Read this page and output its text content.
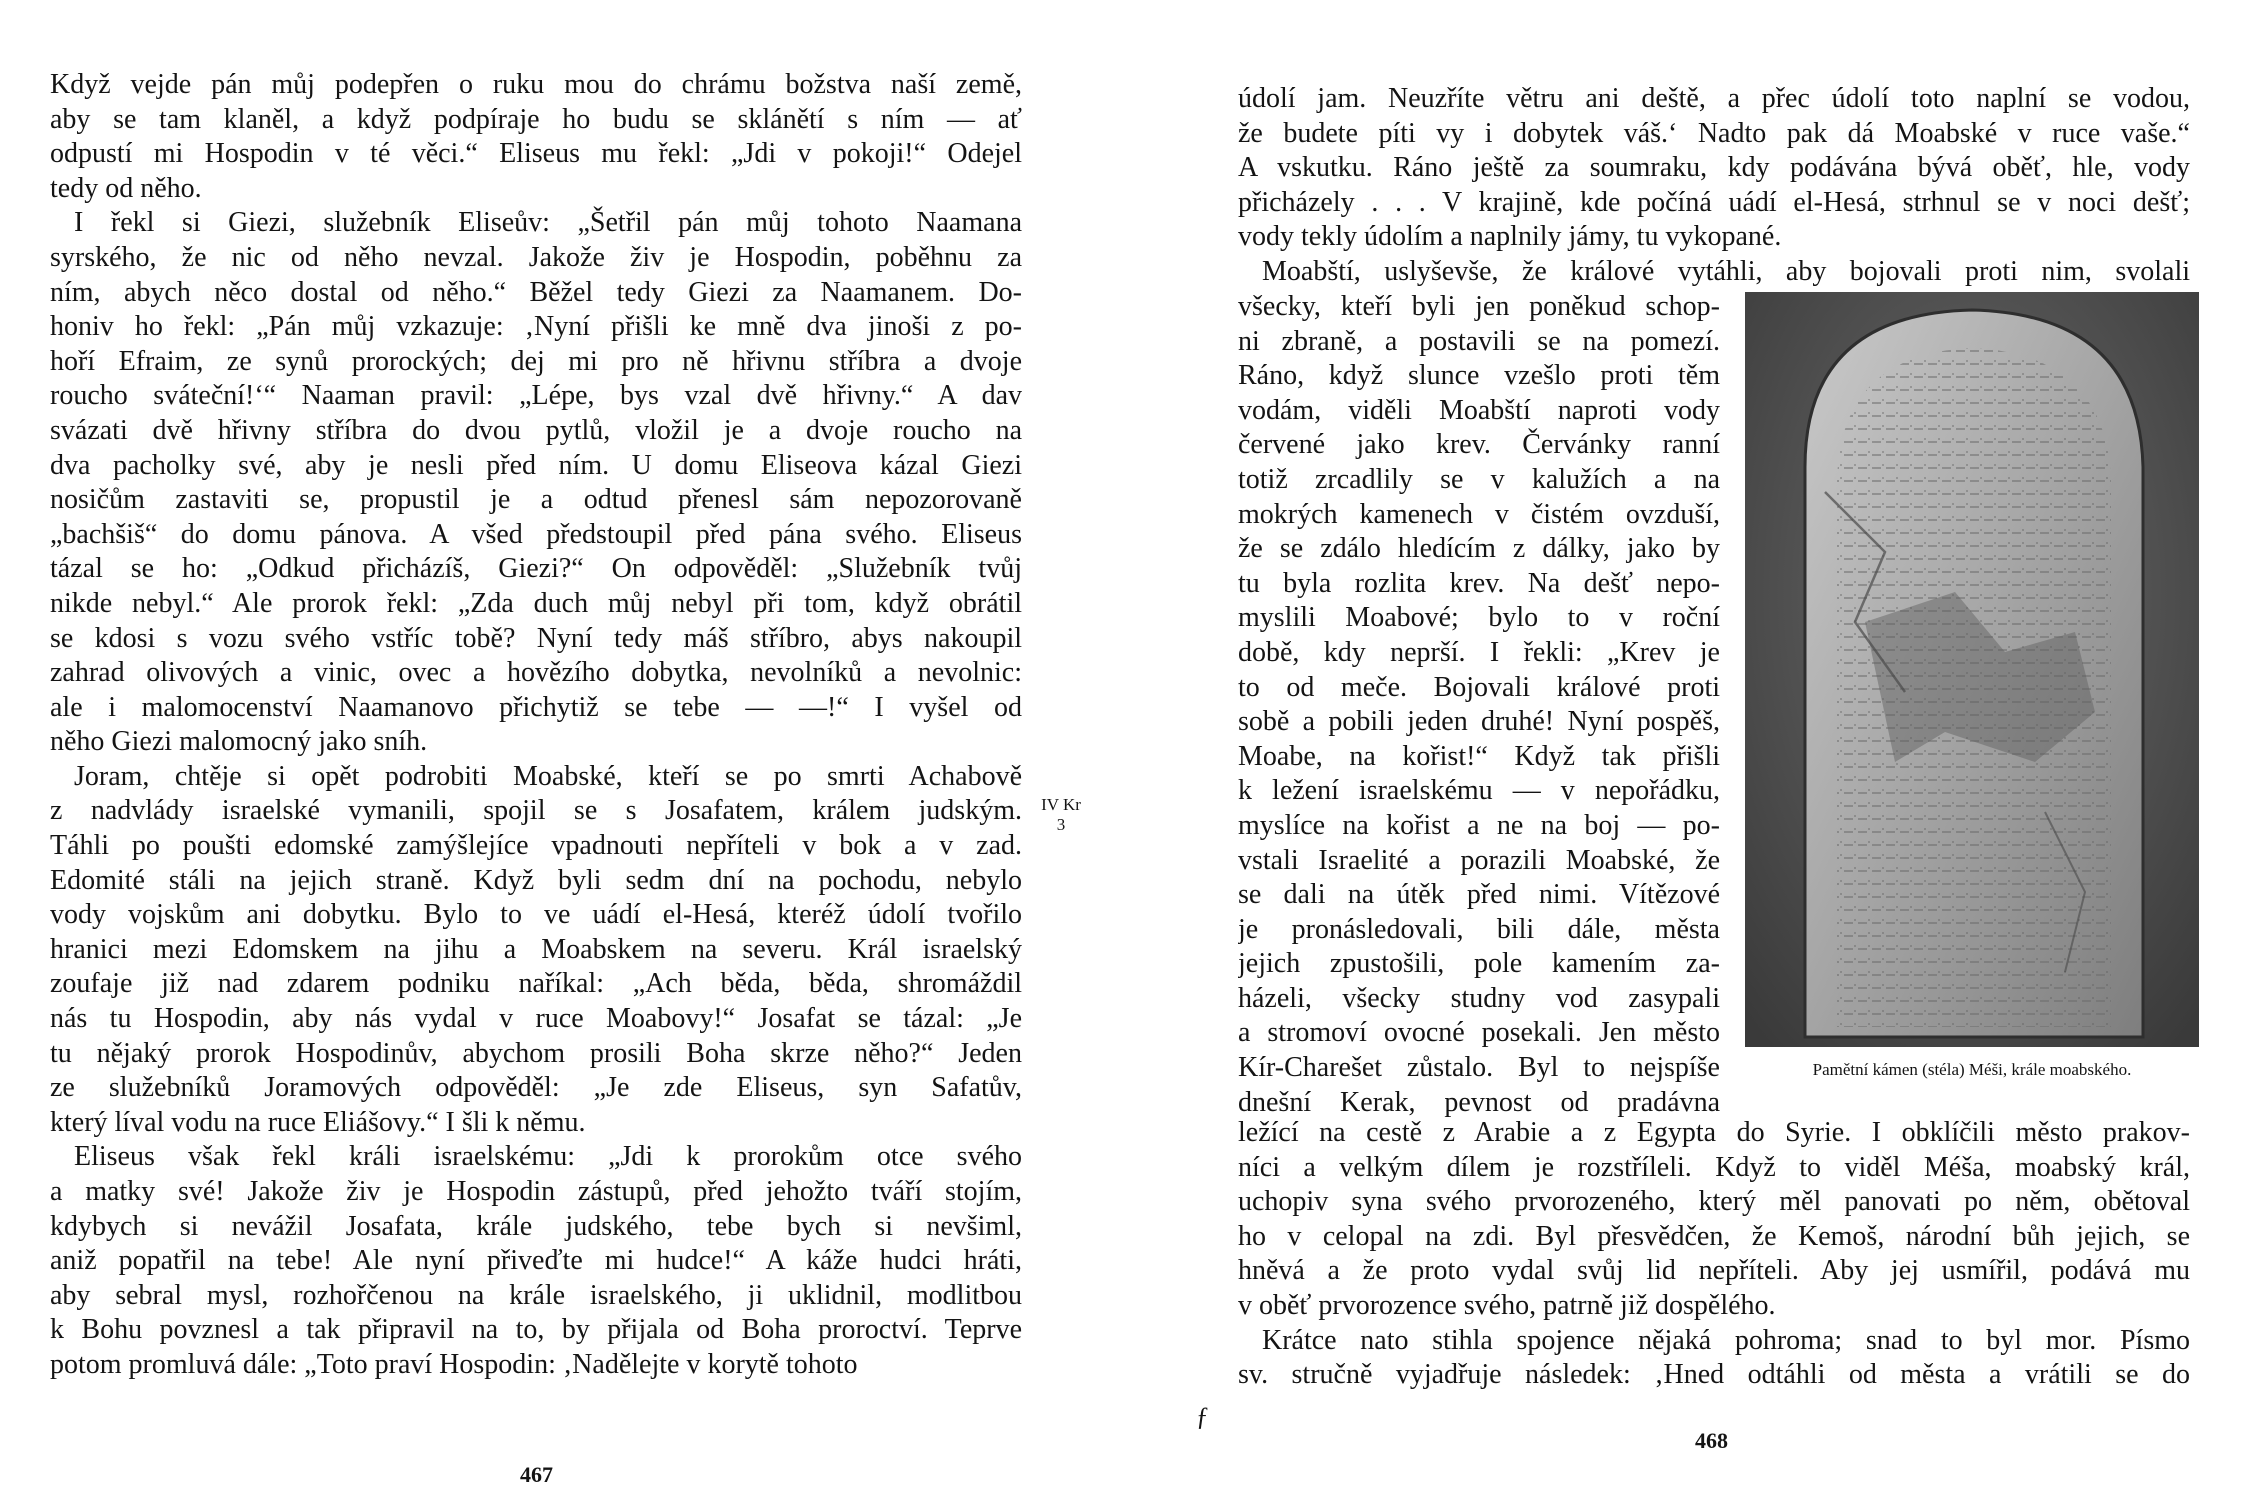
Když vejde pán můj podepřen o ruku mou do chrámu božstva naší země,
aby se tam klaněl, a když podpíraje ho budu se sklánětí s ním — ať
odpustí mi Hospodin v té věci.“ Eliseus mu řekl: „Jdi v pokoji!“ Odejel
tedy od něho.
I řekl si Giezi, služebník Eliseův: „Šetřil pán můj tohoto Naamana
syrského, že nic od něho nevzal. Jakože živ je Hospodin, poběhnu za
ním, abych něco dostal od něho.“ Běžel tedy Giezi za Naamanem. Do-
honiv ho řekl: „Pán můj vzkazuje: ‚Nyní přišli ke mně dva jinoši z po-
hoří Efraim, ze synů prorockých; dej mi pro ně hřivnu stříbra a dvoje
roucho sváteční!‘“ Naaman pravil: „Lépe, bys vzal dvě hřivny.“ A dav
svázati dvě hřivny stříbra do dvou pytlů, vložil je a dvoje roucho na
dva pacholky své, aby je nesli před ním. U domu Eliseova kázal Giezi
nosičům zastaviti se, propustil je a odtud přenesl sám nepozorovaně
„bachšiš“ do domu pánova. A všed předstoupil před pána svého. Eliseus
tázal se ho: „Odkud přicházíš, Giezi?“ On odpověděl: „Služebník tvůj
nikde nebyl.“ Ale prorok řekl: „Zda duch můj nebyl při tom, když obrátil
se kdosi s vozu svého vstříc tobě? Nyní tedy máš stříbro, abys nakoupil
zahrad olivových a vinic, ovec a hovězího dobytka, nevolníků a nevolnic:
ale i malomocenství Naamanovo přichytiž se tebe — —!“ I vyšel od
něho Giezi malomocný jako sníh.
Joram, chtěje si opět podrobiti Moabské, kteří se po smrti Achabově
z nadvlády israelské vymanili, spojil se s Josafatem, králem judským.
Táhli po poušti edomské zamýšlejíce vpadnouti nepříteli v bok a v zad.
Edomité stáli na jejich straně. Když byli sedm dní na pochodu, nebylo
vody vojskům ani dobytku. Bylo to ve uádí el-Hesá, kteréž údolí tvořilo
hranici mezi Edomskem na jihu a Moabskem na severu. Král israelský
zoufaje již nad zdarem podniku naříkal: „Ach běda, běda, shromáždil
nás tu Hospodin, aby nás vydal v ruce Moabovy!“ Josafat se tázal: „Je
tu nějaký prorok Hospodinův, abychom prosili Boha skrze něho?“ Jeden
ze služebníků Joramových odpověděl: „Je zde Eliseus, syn Safatův,
který líval vodu na ruce Eliášovy.“ I šli k němu.
Eliseus však řekl králi israelskému: „Jdi k prorokům otce svého
a matky své! Jakože živ je Hospodin zástupů, před jehožto tváří stojím,
kdybych si nevážil Josafata, krále judského, tebe bych si nevšiml,
aniž popatřil na tebe! Ale nyní přiveďte mi hudce!“ A káže hudci hráti,
aby sebral mysl, rozhořčenou na krále israelského, ji uklidnil, modlitbou
k Bohu povznesl a tak připravil na to, by přijala od Boha proroctví. Teprve
potom promluvá dále: „Toto praví Hospodin: ‚Nadělejte v korytě tohoto
IV Kr
3
467
údolí jam. Neuzříte větru ani deště, a přec údolí toto naplní se vodou,
že budete píti vy i dobytek váš.‘ Nadto pak dá Moabské v ruce vaše.“
A vskutku. Ráno ještě za soumraku, kdy podávána bývá oběť, hle, vody
přicházely . . . V krajině, kde počíná uádí el-Hesá, strhnul se v noci dešť;
vody tekly údolím a naplnily jámy, tu vykopané.
Moabští, uslyševše, že králové vytáhli, aby bojovali proti nim, svolali
všecky, kteří byli jen poněkud schop-
ni zbraně, a postavili se na pomezí.
Ráno, když slunce vzešlo proti těm
vodám, viděli Moabští naproti vody
červené jako krev. Červánky ranní
totiž zrcadlily se v kalužích a na
mokrých kamenech v čistém ovzduší,
že se zdálo hledícím z dálky, jako by
tu byla rozlita krev. Na dešť nepo-
myslili Moabové; bylo to v roční
době, kdy neprší. I řekli: „Krev je
to od meče. Bojovali králové proti
sobě a pobili jeden druhé! Nyní pospěš,
Moabe, na kořist!“ Když tak přišli
k ležení israelskému — v nepořádku,
myslíce na kořist a ne na boj — po-
vstali Israelité a porazili Moabské, že
se dali na útěk před nimi. Vítězové
je pronásledovali, bili dále, města
jejich zpustošili, pole kamením za-
házeli, všecky studny vod zasypali
a stromoví ovocné posekali. Jen město
Kír-Charešet zůstalo. Byl to nejspíše
dnešní Kerak, pevnost od pradávna
ležící na cestě z Arabie a z Egypta do Syrie. I obklíčili město prakov-
níci a velkým dílem je rozstříleli. Když to viděl Méša, moabský král,
uchopiv syna svého prvorozeného, který měl panovati po něm, obětoval
ho v celopal na zdi. Byl přesvědčen, že Kemoš, národní bůh jejich, se
hněvá a že proto vydal svůj lid nepříteli. Aby jej usmířil, podává mu
v oběť prvorozence svého, patrně již dospělého.
Krátce nato stihla spojence nějaká pohroma; snad to byl mor. Písmo
sv. stručně vyjadřuje následek: ‚Hned odtáhli od města a vrátili se do
Pamětní kámen (stéla) Méši, krále moabského.
ƒ
468
